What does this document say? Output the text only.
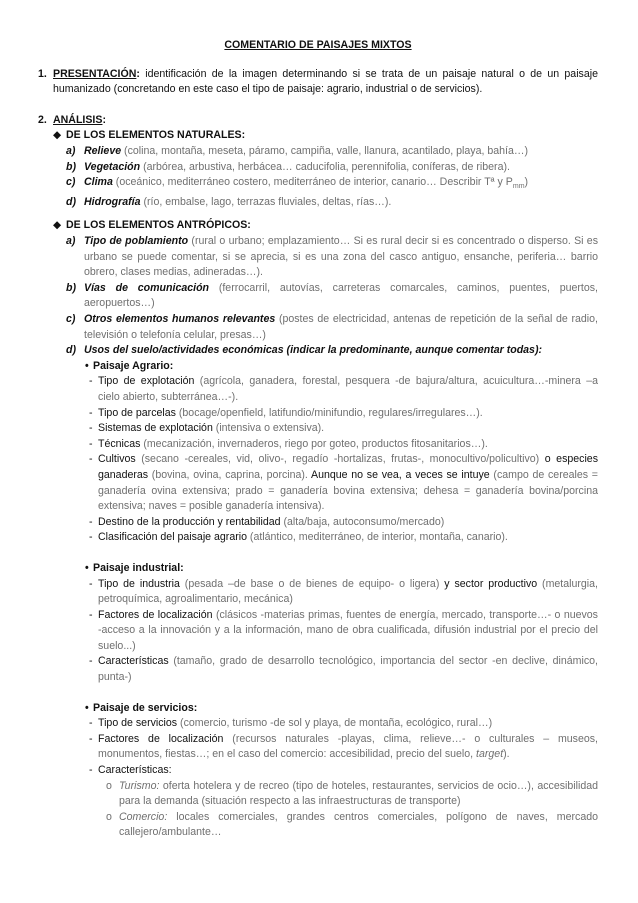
COMENTARIO DE PAISAJES MIXTOS
1. PRESENTACIÓN: identificación de la imagen determinando si se trata de un paisaje natural o de un paisaje humanizado (concretando en este caso el tipo de paisaje: agrario, industrial o de servicios).
2. ANÁLISIS:
◆ DE LOS ELEMENTOS NATURALES:
a) Relieve (colina, montaña, meseta, páramo, campiña, valle, llanura, acantilado, playa, bahía…)
b) Vegetación (arbórea, arbustiva, herbácea… caducifolia, perennifolia, coníferas, de ribera).
c) Clima (oceánico, mediterráneo costero, mediterráneo de interior, canario… Describir Tª y $P_{mm}$)
d) Hidrografía (río, embalse, lago, terrazas fluviales, deltas, rías…).
◆ DE LOS ELEMENTOS ANTRÓPICOS:
a) Tipo de poblamiento (rural o urbano; emplazamiento… Si es rural decir si es concentrado o disperso. Si es urbano se puede comentar, si se aprecia, si es una zona del casco antiguo, ensanche, periferia… barrio obrero, clases medias, adineradas…).
b) Vías de comunicación (ferrocarril, autovías, carreteras comarcales, caminos, puentes, puertos, aeropuertos…)
c) Otros elementos humanos relevantes (postes de electricidad, antenas de repetición de la señal de radio, televisión o telefonía celular, presas…)
d) Usos del suelo/actividades económicas (indicar la predominante, aunque comentar todas):
• Paisaje Agrario:
- Tipo de explotación (agrícola, ganadera, forestal, pesquera -de bajura/altura, acuicultura…-minera –a cielo abierto, subterránea…-).
- Tipo de parcelas (bocage/openfield, latifundio/minifundio, regulares/irregulares…).
- Sistemas de explotación (intensiva o extensiva).
- Técnicas (mecanización, invernaderos, riego por goteo, productos fitosanitarios…).
- Cultivos (secano -cereales, vid, olivo-, regadío -hortalizas, frutas-, monocultivo/policultivo) o especies ganaderas (bovina, ovina, caprina, porcina). Aunque no se vea, a veces se intuye (campo de cereales = ganadería ovina extensiva; prado = ganadería bovina extensiva; dehesa = ganadería bovina/porcina extensiva; naves = posible ganadería intensiva).
- Destino de la producción y rentabilidad (alta/baja, autoconsumo/mercado)
- Clasificación del paisaje agrario (atlántico, mediterráneo, de interior, montaña, canario).
• Paisaje industrial:
- Tipo de industria (pesada –de base o de bienes de equipo- o ligera) y sector productivo (metalurgia, petroquímica, agroalimentario, mecánica)
- Factores de localización (clásicos -materias primas, fuentes de energía, mercado, transporte…- o nuevos -acceso a la innovación y a la información, mano de obra cualificada, difusión industrial por el precio del suelo...)
- Características (tamaño, grado de desarrollo tecnológico, importancia del sector -en declive, dinámico, punta-)
• Paisaje de servicios:
- Tipo de servicios (comercio, turismo -de sol y playa, de montaña, ecológico, rural…)
- Factores de localización (recursos naturales -playas, clima, relieve…- o culturales – museos, monumentos, fiestas…; en el caso del comercio: accesibilidad, precio del suelo, target).
- Características:
o Turismo: oferta hotelera y de recreo (tipo de hoteles, restaurantes, servicios de ocio…), accesibilidad para la demanda (situación respecto a las infraestructuras de transporte)
o Comercio: locales comerciales, grandes centros comerciales, polígono de naves, mercado callejero/ambulante…
